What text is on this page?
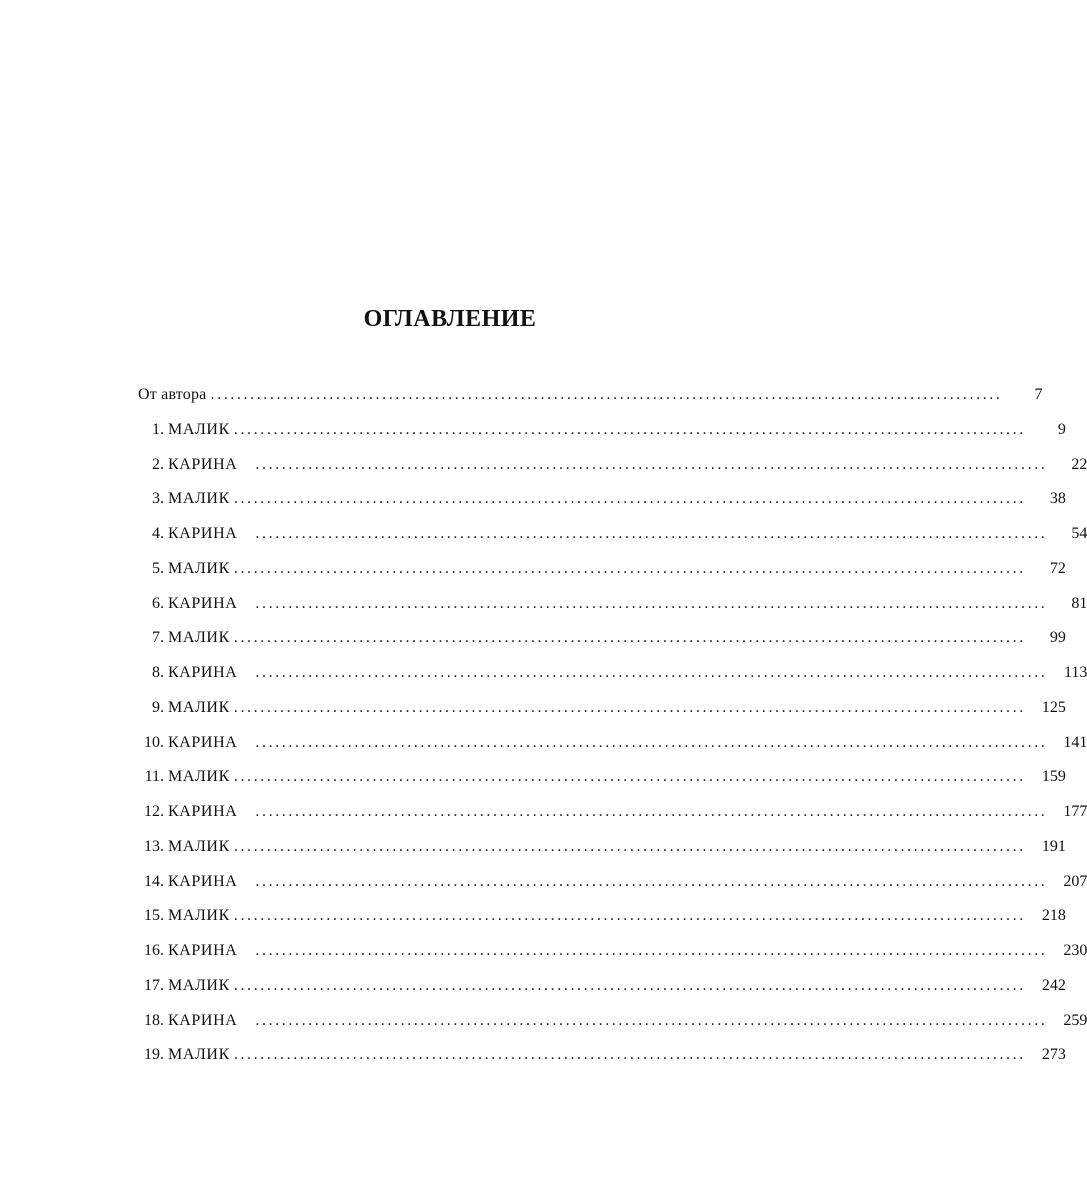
ОГЛАВЛЕНИЕ
От автора ........................................................................................................................	7
1. МАЛИК ........................................................................................................................	9
2. КАРИНА ........................................................................................................................	22
3. МАЛИК ........................................................................................................................	38
4. КАРИНА ........................................................................................................................	54
5. МАЛИК ........................................................................................................................	72
6. КАРИНА ........................................................................................................................	81
7. МАЛИК ........................................................................................................................	99
8. КАРИНА ........................................................................................................................	113
9. МАЛИК ........................................................................................................................	125
10. КАРИНА ........................................................................................................................	141
11. МАЛИК ........................................................................................................................	159
12. КАРИНА ........................................................................................................................	177
13. МАЛИК ........................................................................................................................	191
14. КАРИНА ........................................................................................................................	207
15. МАЛИК ........................................................................................................................	218
16. КАРИНА ........................................................................................................................	230
17. МАЛИК ........................................................................................................................	242
18. КАРИНА ........................................................................................................................	259
19. МАЛИК ........................................................................................................................	273
